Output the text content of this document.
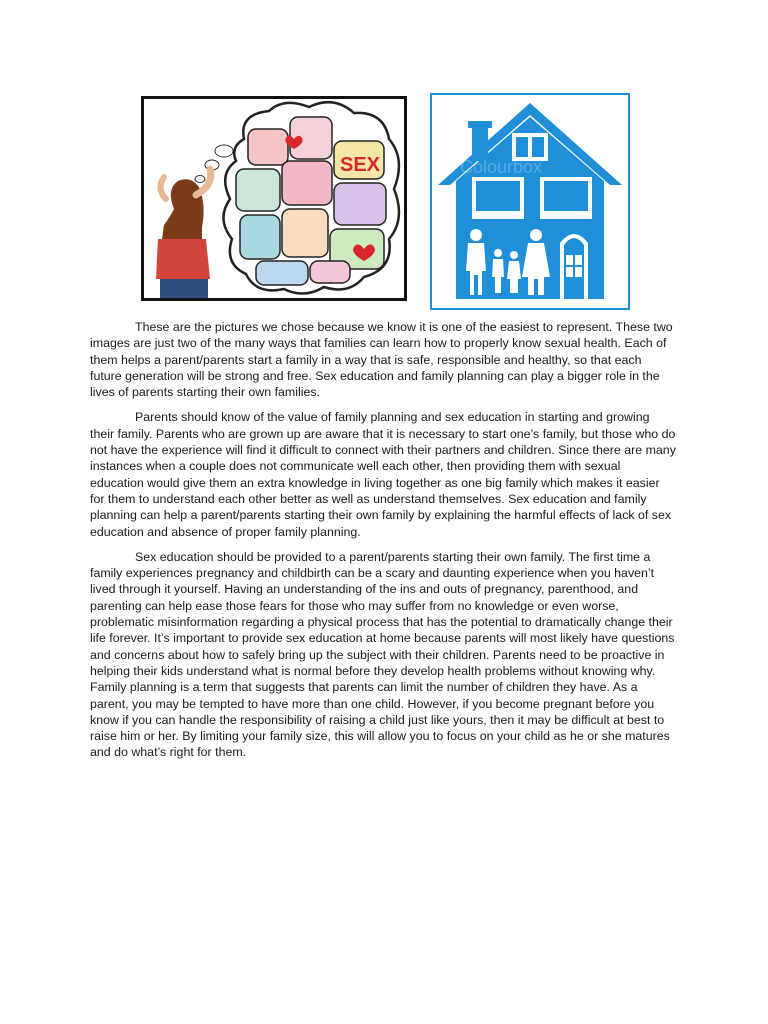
SEX	Colourbox

These are the pictures we chose because we know it is one of the easiest to represent. These two images are just two of the many ways that families can learn how to properly know sexual health. Each of them helps a parent/parents start a family in a way that is safe, responsible and healthy, so that each future generation will be strong and free. Sex education and family planning can play a bigger role in the lives of parents starting their own families.

Parents should know of the value of family planning and sex education in starting and growing their family. Parents who are grown up are aware that it is necessary to start one’s family, but those who do not have the experience will find it difficult to connect with their partners and children. Since there are many instances when a couple does not communicate well each other, then providing them with sexual education would give them an extra knowledge in living together as one big family which makes it easier for them to understand each other better as well as understand themselves. Sex education and family planning can help a parent/parents starting their own family by explaining the harmful effects of lack of sex education and absence of proper family planning.

Sex education should be provided to a parent/parents starting their own family. The first time a family experiences pregnancy and childbirth can be a scary and daunting experience when you haven’t lived through it yourself. Having an understanding of the ins and outs of pregnancy, parenthood, and parenting can help ease those fears for those who may suffer from no knowledge or even worse, problematic misinformation regarding a physical process that has the potential to dramatically change their life forever. It’s important to provide sex education at home because parents will most likely have questions and concerns about how to safely bring up the subject with their children. Parents need to be proactive in helping their kids understand what is normal before they develop health problems without knowing why. Family planning is a term that suggests that parents can limit the number of children they have. As a parent, you may be tempted to have more than one child. However, if you become pregnant before you know if you can handle the responsibility of raising a child just like yours, then it may be difficult at best to raise him or her. By limiting your family size, this will allow you to focus on your child as he or she matures and do what’s right for them.
